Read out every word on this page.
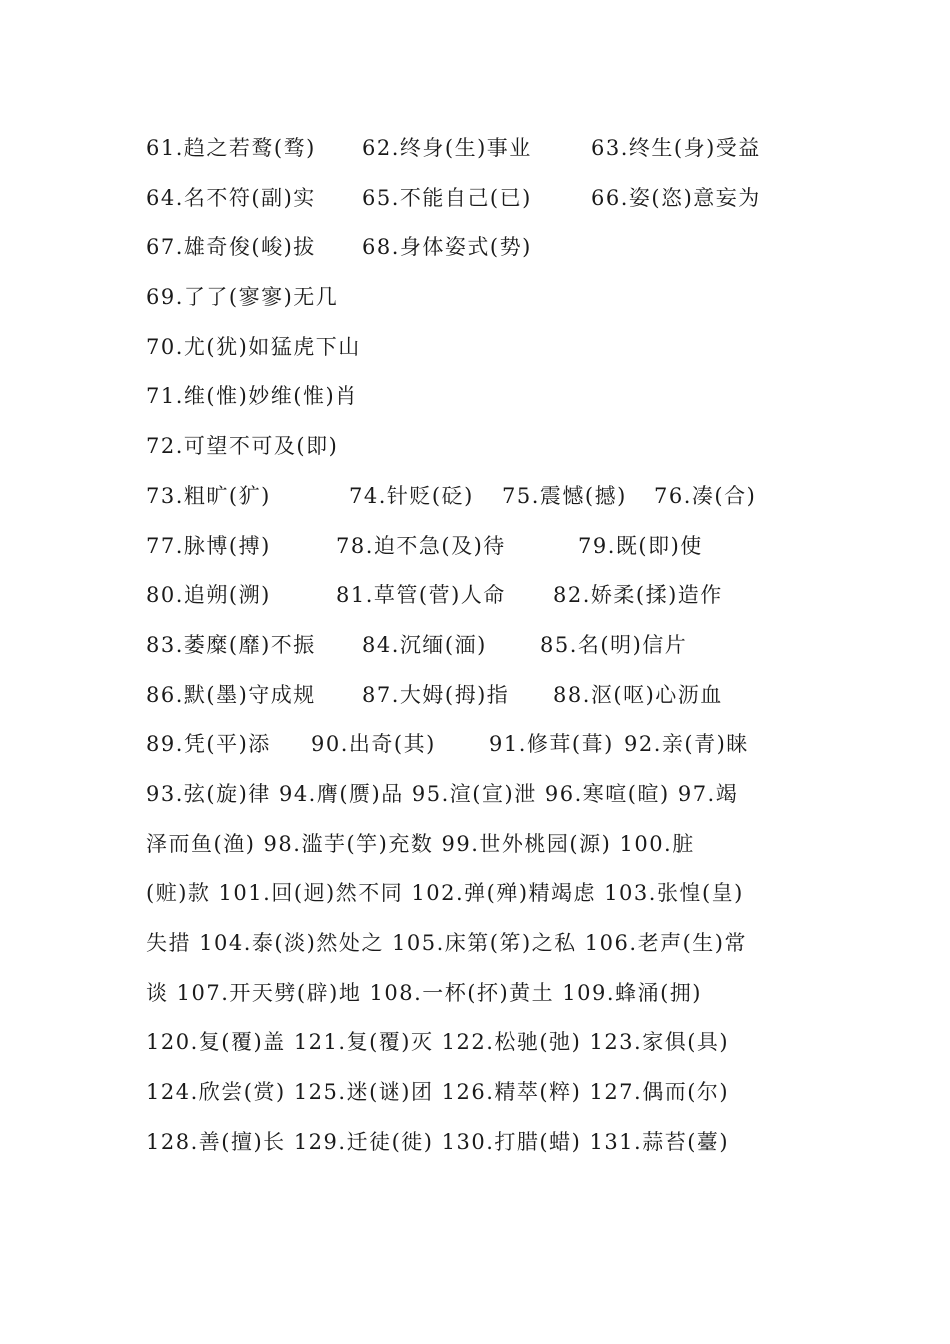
61.趋之若鹜(骛) 62.终身(生)事业	63.终生(身)受益
64.名不符(副)实 65.不能自己(已)	66.姿(恣)意妄为
67.雄奇俊(峻)拔 68.身体姿式(势)
69.了了(寥寥)无几
70.尤(犹)如猛虎下山
71.维(惟)妙维(惟)肖
72.可望不可及(即)
73.粗旷(犷)	74.针贬(砭) 75.震憾(撼) 76.凑(合)
77.脉博(搏)	78.迫不急(及)待	79.既(即)使
80.追朔(溯)	81.草管(菅)人命 82.娇柔(揉)造作
83.萎糜(靡)不振 84.沉缅(湎)	85.名(明)信片
86.默(墨)守成规 87.大姆(拇)指 88.沤(呕)心沥血
89.凭(平)添 90.出奇(其)	91.修茸(葺) 92.亲(青)睐
93.弦(旋)律 94.膺(赝)品 95.渲(宣)泄 96.寒喧(暄) 97.竭
泽而鱼(渔) 98.滥芋(竽)充数 99.世外桃园(源) 100.脏
(赃)款 101.回(迥)然不同 102.弹(殚)精竭虑 103.张惶(皇)
失措 104.泰(淡)然处之 105.床第(笫)之私 106.老声(生)常
谈 107.开天劈(辟)地 108.一杯(抔)黄土 109.蜂涌(拥)
120.复(覆)盖 121.复(覆)灭 122.松驰(弛) 123.家俱(具)
124.欣尝(赏) 125.迷(谜)团 126.精萃(粹) 127.偶而(尔)
128.善(擅)长 129.迁徒(徙) 130.打腊(蜡) 131.蒜苔(薹)
